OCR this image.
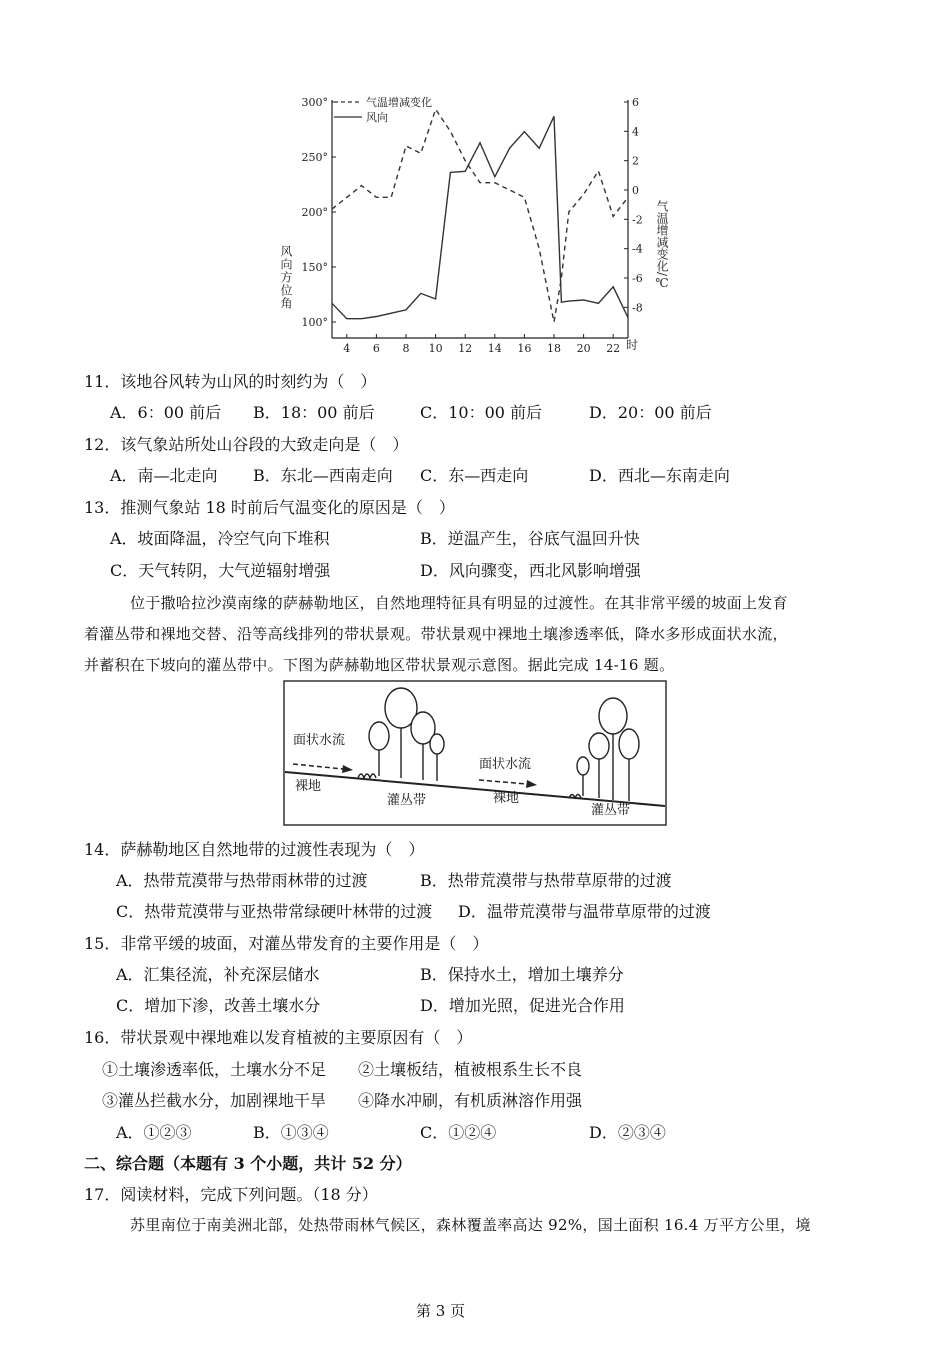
100°
150°
200°
250°
300°	6
4
2
0
-2
-4
-6
-8
4 6 8 10 12 14 16 18 20 22
气温增减变化
风向
风向方位角	气温增减变化/℃
时
11．该地谷风转为山风的时刻约为（　）
A．6：00 前后 B．18：00 前后	C．10：00 前后	D．20：00 前后
12．该气象站所处山谷段的大致走向是（　）
A．南—北走向 B．东北—西南走向 C．东—西走向	D．西北—东南走向
13．推测气象站 18 时前后气温变化的原因是（　）
A．坡面降温，冷空气向下堆积	B．逆温产生，谷底气温回升快
C．天气转阴，大气逆辐射增强	D．风向骤变，西北风影响增强
位于撒哈拉沙漠南缘的萨赫勒地区，自然地理特征具有明显的过渡性。在其非常平缓的坡面上发育
着灌丛带和裸地交替、沿等高线排列的带状景观。带状景观中裸地土壤渗透率低，降水多形成面状水流，
并蓄积在下坡向的灌丛带中。下图为萨赫勒地区带状景观示意图。据此完成 14-16 题。
面状水流
裸地
灌丛带
面状水流
裸地
灌丛带
14．萨赫勒地区自然地带的过渡性表现为（　）
A．热带荒漠带与热带雨林带的过渡	B．热带荒漠带与热带草原带的过渡
C．热带荒漠带与亚热带常绿硬叶林带的过渡 D．温带荒漠带与温带草原带的过渡
15．非常平缓的坡面，对灌丛带发育的主要作用是（　）
A．汇集径流，补充深层储水	B．保持水土，增加土壤养分
C．增加下渗，改善土壤水分	D．增加光照，促进光合作用
16．带状景观中裸地难以发育植被的主要原因有（　）
①土壤渗透率低，土壤水分不足 ②土壤板结，植被根系生长不良
③灌丛拦截水分，加剧裸地干旱 ④降水冲刷，有机质淋溶作用强
A．①②③	B．①③④	C．①②④	D．②③④
二、综合题（本题有 3 个小题，共计 52 分）
17．阅读材料，完成下列问题。（18 分）
苏里南位于南美洲北部，处热带雨林气候区，森林覆盖率高达 92%，国土面积 16.4 万平方公里，境
第 3 页
